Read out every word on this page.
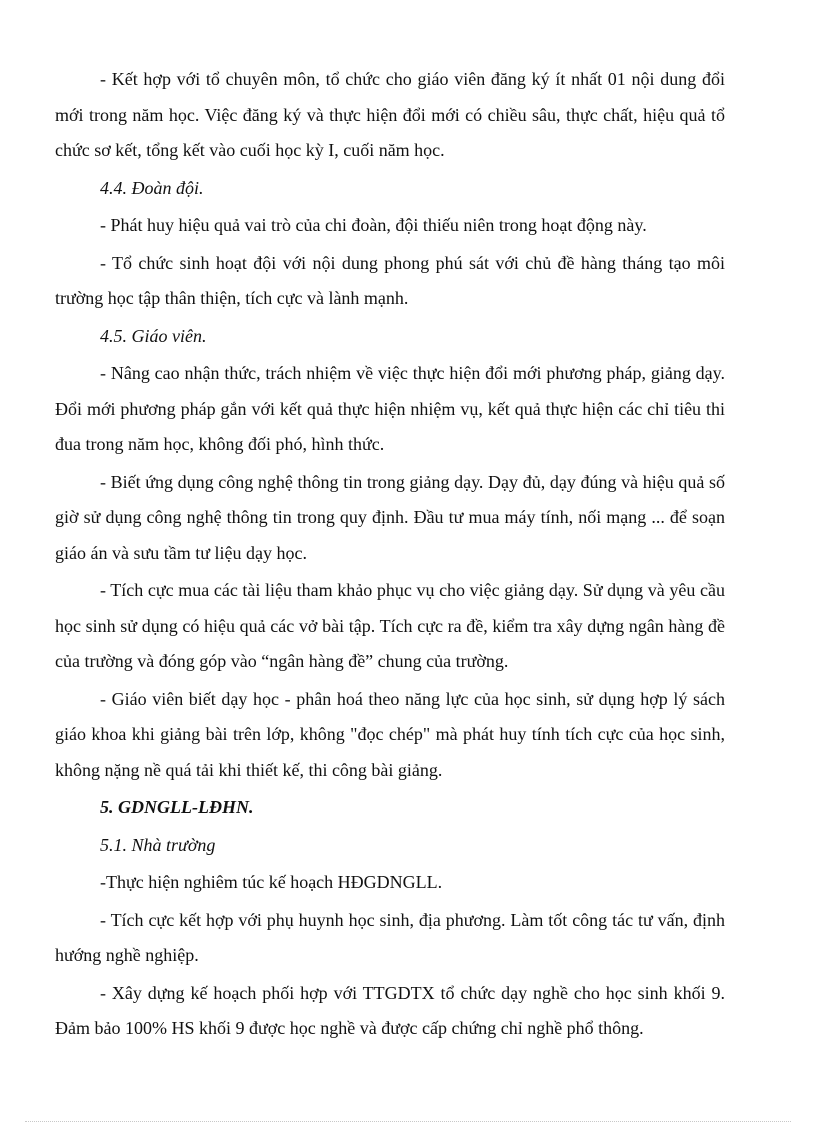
- Kết hợp với tổ chuyên môn, tổ chức cho giáo viên đăng ký ít nhất 01 nội dung đổi mới trong năm học. Việc đăng ký và thực hiện đổi mới có chiều sâu, thực chất, hiệu quả tổ chức sơ kết, tổng kết vào cuối học kỳ I, cuối năm học.

4.4. Đoàn đội.

- Phát huy hiệu quả vai trò của chi đoàn, đội thiếu niên trong hoạt động này.

- Tổ chức sinh hoạt đội với nội dung phong phú sát với chủ đề hàng tháng tạo môi trường học tập thân thiện, tích cực và lành mạnh.

4.5. Giáo viên.

- Nâng cao nhận thức, trách nhiệm về việc thực hiện đổi mới phương pháp, giảng dạy. Đổi mới phương pháp gắn với kết quả thực hiện nhiệm vụ, kết quả thực hiện các chỉ tiêu thi đua trong năm học, không đối phó, hình thức.

- Biết ứng dụng công nghệ thông tin trong giảng dạy. Dạy đủ, dạy đúng và hiệu quả số giờ sử dụng công nghệ thông tin trong quy định. Đầu tư mua máy tính, nối mạng ... để soạn giáo án và sưu tầm tư liệu dạy học.

- Tích cực mua các tài liệu tham khảo phục vụ cho việc giảng dạy. Sử dụng và yêu cầu học sinh sử dụng có hiệu quả các vở bài tập. Tích cực ra đề, kiểm tra xây dựng ngân hàng đề của trường và đóng góp vào “ngân hàng đề” chung của trường.

- Giáo viên biết dạy học - phân hoá theo năng lực của học sinh, sử dụng hợp lý sách giáo khoa khi giảng bài trên lớp, không "đọc chép" mà phát huy tính tích cực của học sinh, không nặng nề quá tải khi thiết kế, thi công bài giảng.

5. GDNGLL-LĐHN.

5.1. Nhà trường

-Thực hiện nghiêm túc kế hoạch HĐGDNGLL.

- Tích cực kết hợp với phụ huynh học sinh, địa phương. Làm tốt công tác tư vấn, định hướng nghề nghiệp.

- Xây dựng kế hoạch phối hợp với TTGDTX tổ chức dạy nghề cho học sinh khối 9. Đảm bảo 100% HS khối 9 được học nghề và được cấp chứng chỉ nghề phổ thông.
